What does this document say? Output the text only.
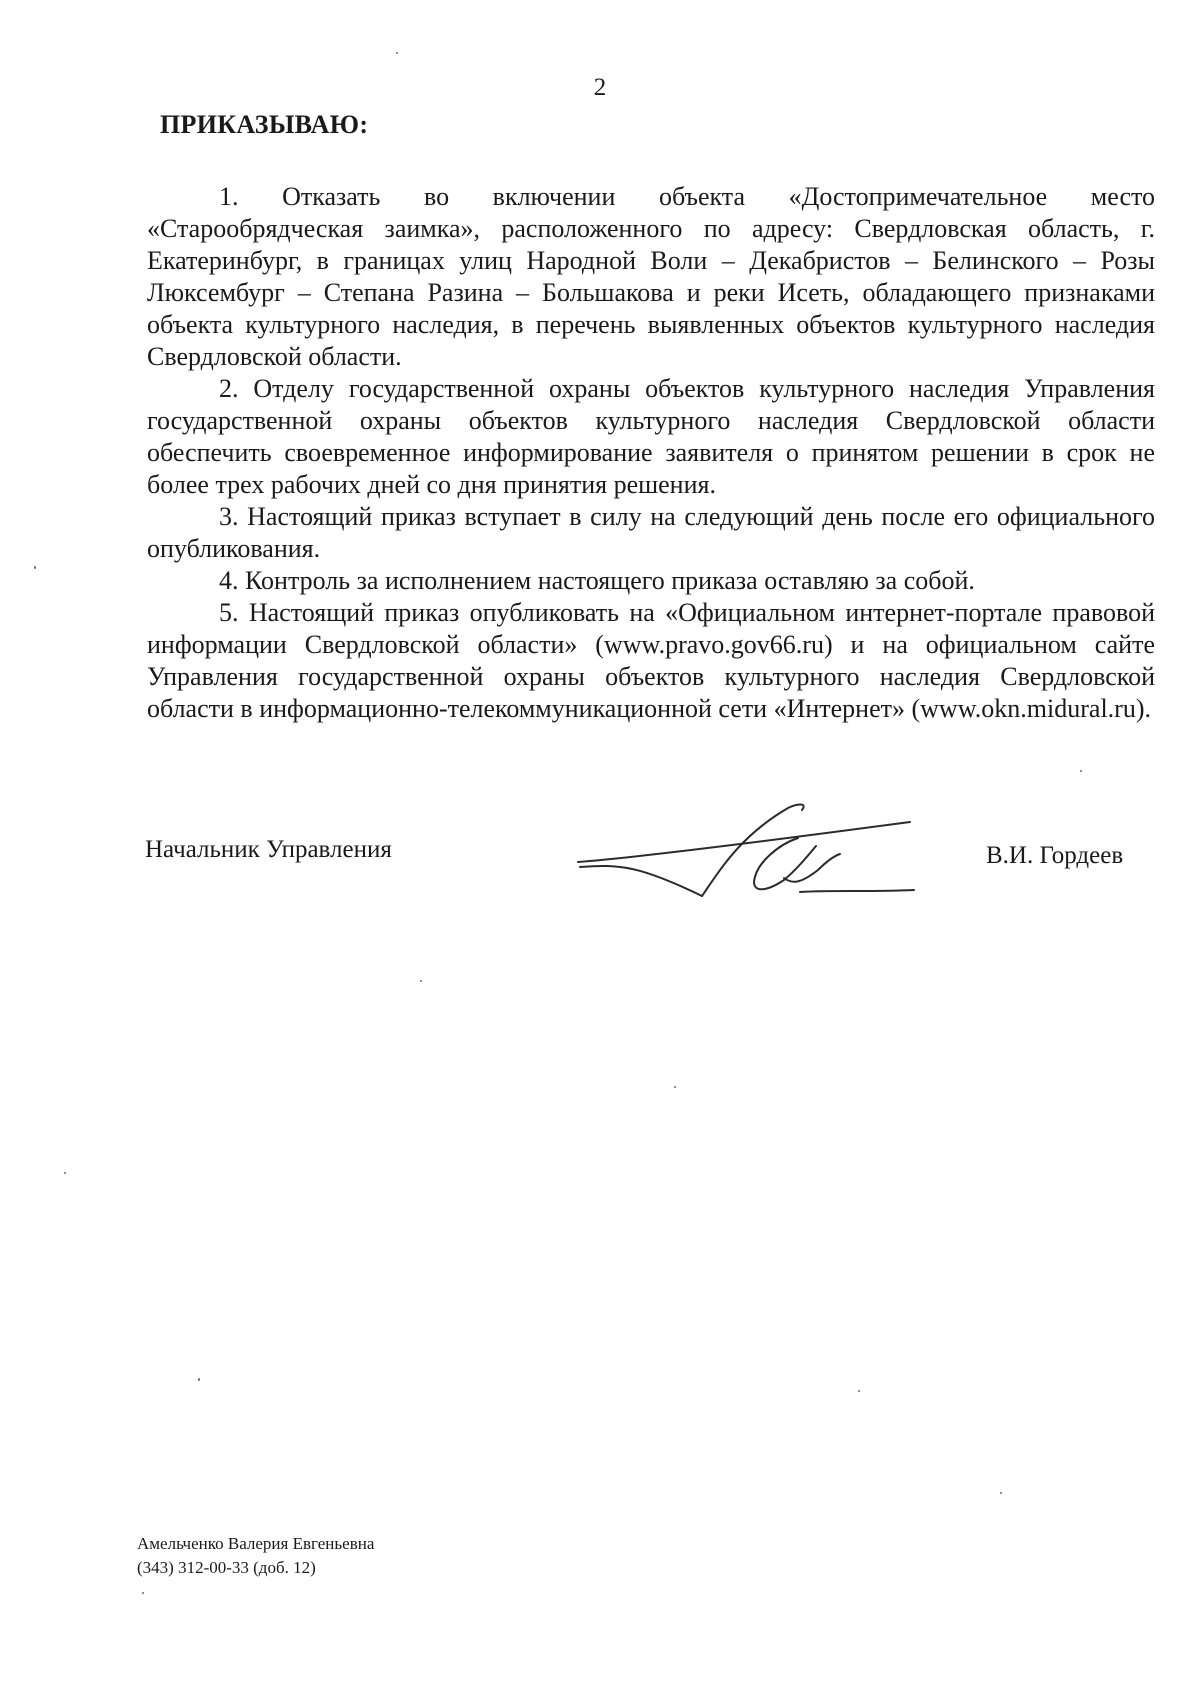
2
ПРИКАЗЫВАЮ:

1. Отказать во включении объекта «Достопримечательное место «Старообрядческая заимка», расположенного по адресу: Свердловская область, г. Екатеринбург, в границах улиц Народной Воли – Декабристов – Белинского – Розы Люксембург – Степана Разина – Большакова и реки Исеть, обладающего признаками объекта культурного наследия, в перечень выявленных объектов культурного наследия Свердловской области.

2. Отделу государственной охраны объектов культурного наследия Управления государственной охраны объектов культурного наследия Свердловской области обеспечить своевременное информирование заявителя о принятом решении в срок не более трех рабочих дней со дня принятия решения.

3. Настоящий приказ вступает в силу на следующий день после его официального опубликования.

4. Контроль за исполнением настоящего приказа оставляю за собой.

5. Настоящий приказ опубликовать на «Официальном интернет-портале правовой информации Свердловской области» (www.pravo.gov66.ru) и на официальном сайте Управления государственной охраны объектов культурного наследия Свердловской области в информационно-телекоммуникационной сети «Интернет» (www.okn.midural.ru).

Начальник Управления	В.И. Гордеев
Амельченко Валерия Евгеньевна
(343) 312-00-33 (доб. 12)
